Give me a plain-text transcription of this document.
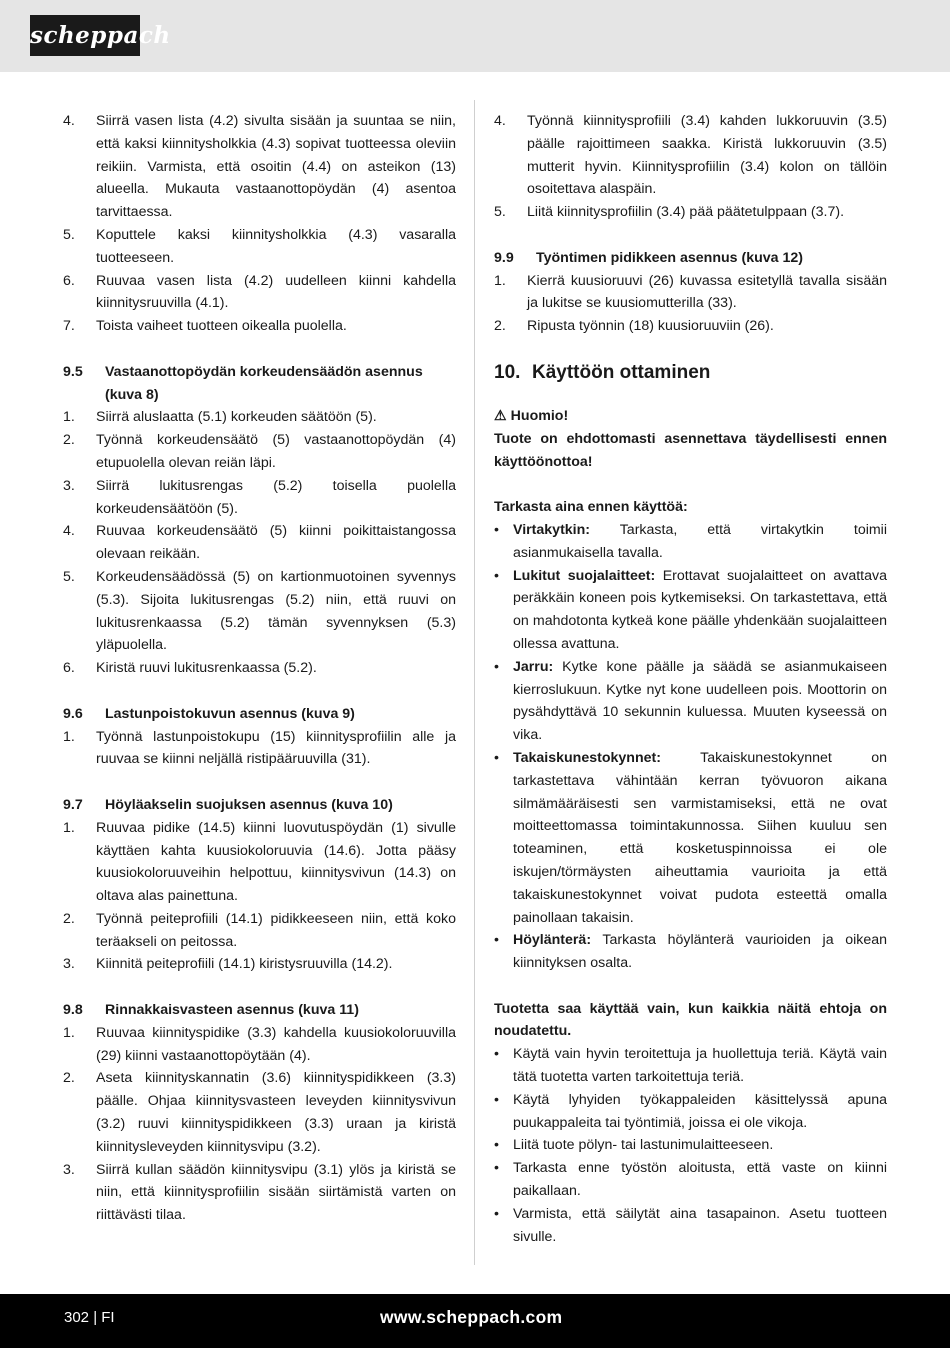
scheppach
4. Siirrä vasen lista (4.2) sivulta sisään ja suuntaa se niin, että kaksi kiinnitysholkkia (4.3) sopivat tuotteessa oleviin reikiin. Varmista, että osoitin (4.4) on asteikon (13) alueella. Mukauta vastaanottopöydän (4) asentoa tarvittaessa.
5. Koputtele kaksi kiinnitysholkkia (4.3) vasaralla tuotteeseen.
6. Ruuvaa vasen lista (4.2) uudelleen kiinni kahdella kiinnitysruuvilla (4.1).
7. Toista vaiheet tuotteen oikealla puolella.
9.5 Vastaanottopöydän korkeudensäädön asennus (kuva 8)
1. Siirrä aluslaatta (5.1) korkeuden säätöön (5).
2. Työnnä korkeudensäätö (5) vastaanottopöydän (4) etupuolella olevan reiän läpi.
3. Siirrä lukitusrengas (5.2) toisella puolella korkeudensäätöön (5).
4. Ruuvaa korkeudensäätö (5) kiinni poikittaistangossa olevaan reikään.
5. Korkeudensäädössä (5) on kartionmuotoinen syvennys (5.3). Sijoita lukitusrengas (5.2) niin, että ruuvi on lukitusrenkaassa (5.2) tämän syvennyksen (5.3) yläpuolella.
6. Kiristä ruuvi lukitusrenkaassa (5.2).
9.6 Lastunpoistokuvun asennus (kuva 9)
1. Työnnä lastunpoistokupu (15) kiinnitysprofiilin alle ja ruuvaa se kiinni neljällä ristipääruuvilla (31).
9.7 Höyläakselin suojuksen asennus (kuva 10)
1. Ruuvaa pidike (14.5) kiinni luovutuspöydän (1) sivulle käyttäen kahta kuusiokoloruuvia (14.6). Jotta pääsy kuusiokoloruuveihin helpottuu, kiinnitysvivun (14.3) on oltava alas painettuna.
2. Työnnä peiteprofiili (14.1) pidikkeeseen niin, että koko teräakseli on peitossa.
3. Kiinnitä peiteprofiili (14.1) kiristysruuvilla (14.2).
9.8 Rinnakkaisvasteen asennus (kuva 11)
1. Ruuvaa kiinnityspidike (3.3) kahdella kuusiokoloruuvilla (29) kiinni vastaanottopöytään (4).
2. Aseta kiinnityskannatin (3.6) kiinnityspidikkeen (3.3) päälle. Ohjaa kiinnitysvasteen leveyden kiinnitysvivun (3.2) ruuvi kiinnityspidikkeen (3.3) uraan ja kiristä kiinnitysleveyden kiinnitysvipu (3.2).
3. Siirrä kullan säädön kiinnitysvipu (3.1) ylös ja kiristä se niin, että kiinnitysprofiilin sisään siirtämistä varten on riittävästi tilaa.
4. Työnnä kiinnitysprofiili (3.4) kahden lukkoruuvin (3.5) päälle rajoittimeen saakka. Kiristä lukkoruuvin (3.5) mutterit hyvin. Kiinnitysprofiilin (3.4) kolon on tällöin osoitettava alaspäin.
5. Liitä kiinnitysprofiilin (3.4) pää päätetulppaan (3.7).
9.9 Työntimen pidikkeen asennus (kuva 12)
1. Kierrä kuusioruuvi (26) kuvassa esitetyllä tavalla sisään ja lukitse se kuusiomutterilla (33).
2. Ripusta työnnin (18) kuusioruuviin (26).
10. Käyttöön ottaminen
⚠ Huomio!
Tuote on ehdottomasti asennettava täydellisesti ennen käyttöönottoa!
Tarkasta aina ennen käyttöä:
• Virtakytkin: Tarkasta, että virtakytkin toimii asianmukaisella tavalla.
• Lukitut suojalaitteet: Erottavat suojalaitteet on avattava peräkkäin koneen pois kytkemiseksi. On tarkastettava, että on mahdotonta kytkeä kone päälle yhdenkään suojalaitteen ollessa avattuna.
• Jarru: Kytke kone päälle ja säädä se asianmukaiseen kierroslukuun. Kytke nyt kone uudelleen pois. Moottorin on pysähdyttävä 10 sekunnin kuluessa. Muuten kyseessä on vika.
• Takaiskunestokynnet: Takaiskunestokynnet on tarkastettava vähintään kerran työvuoron aikana silmämääräisesti sen varmistamiseksi, että ne ovat moitteettomassa toimintakunnossa. Siihen kuuluu sen toteaminen, että kosketuspinnoissa ei ole iskujen/törmäysten aiheuttamia vaurioita ja että takaiskunestokynnet voivat pudota esteettä omalla painollaan takaisin.
• Höylänterä: Tarkasta höylänterä vaurioiden ja oikean kiinnityksen osalta.
Tuotetta saa käyttää vain, kun kaikkia näitä ehtoja on noudatettu.
• Käytä vain hyvin teroitettuja ja huollettuja teriä. Käytä vain tätä tuotetta varten tarkoitettuja teriä.
• Käytä lyhyiden työkappaleiden käsittelyssä apuna puukappaleita tai työntimiä, joissa ei ole vikoja.
• Liitä tuote pölyn- tai lastunimulaitteeseen.
• Tarkasta enne työstön aloitusta, että vaste on kiinni paikallaan.
• Varmista, että säilytät aina tasapainon. Asetu tuotteen sivulle.
302 | FI	www.scheppach.com
